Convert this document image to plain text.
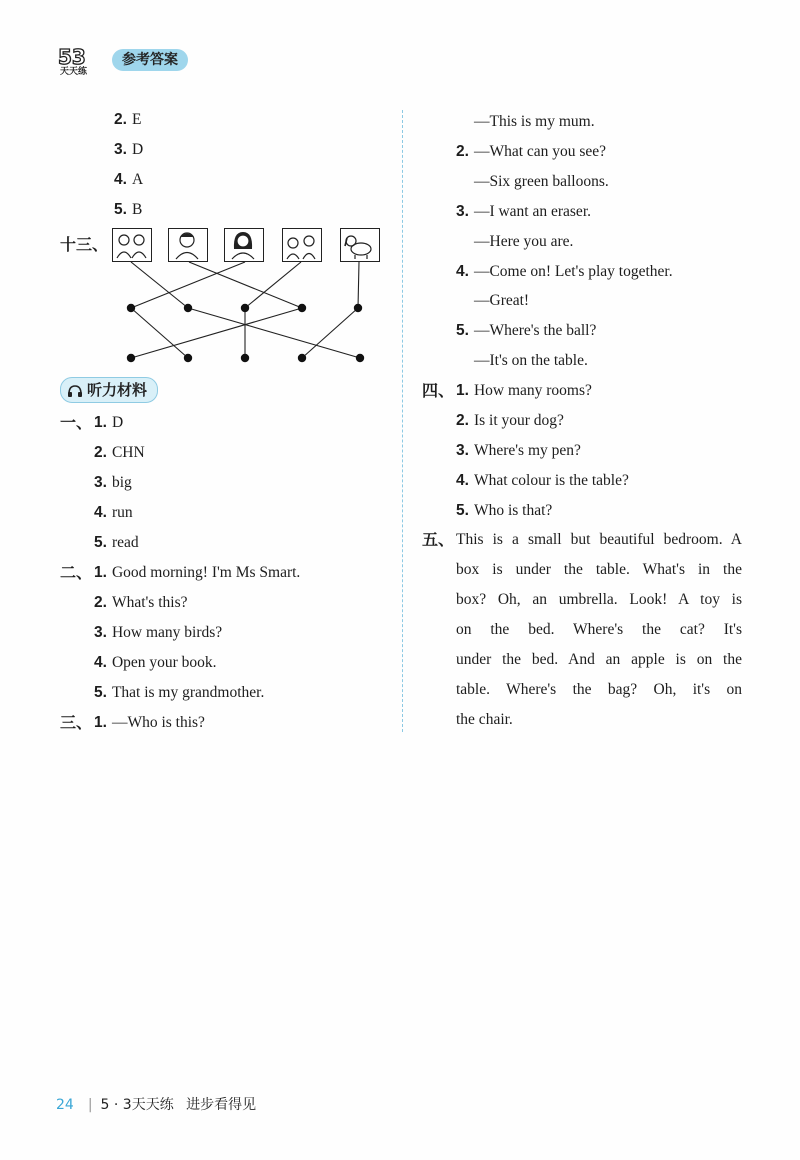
53
天天练
参考答案
2. E
3. D
4. A
5. B
十三、
听力材料
一、 1. D
2. CHN
3. big
4. run
5. read
二、 1. Good morning! I'm Ms Smart.
2. What's this?
3. How many birds?
4. Open your book.
5. That is my grandmother.
三、 1. —Who is this?
—This is my mum.
2. —What can you see?
—Six green balloons.
3. —I want an eraser.
—Here you are.
4. —Come on! Let's play together.
—Great!
5. —Where's the ball?
—It's on the table.
四、 1. How many rooms?
2. Is it your dog?
3. Where's my pen?
4. What colour is the table?
5. Who is that?
五、 This is a small but beautiful bedroom. A
box is under the table. What's in the
box? Oh, an umbrella. Look! A toy is
on the bed. Where's the cat? It's
under the bed. And an apple is on the
table. Where's the bag? Oh, it's on
the chair.
24 | 5 · 3天天练 进步看得见
